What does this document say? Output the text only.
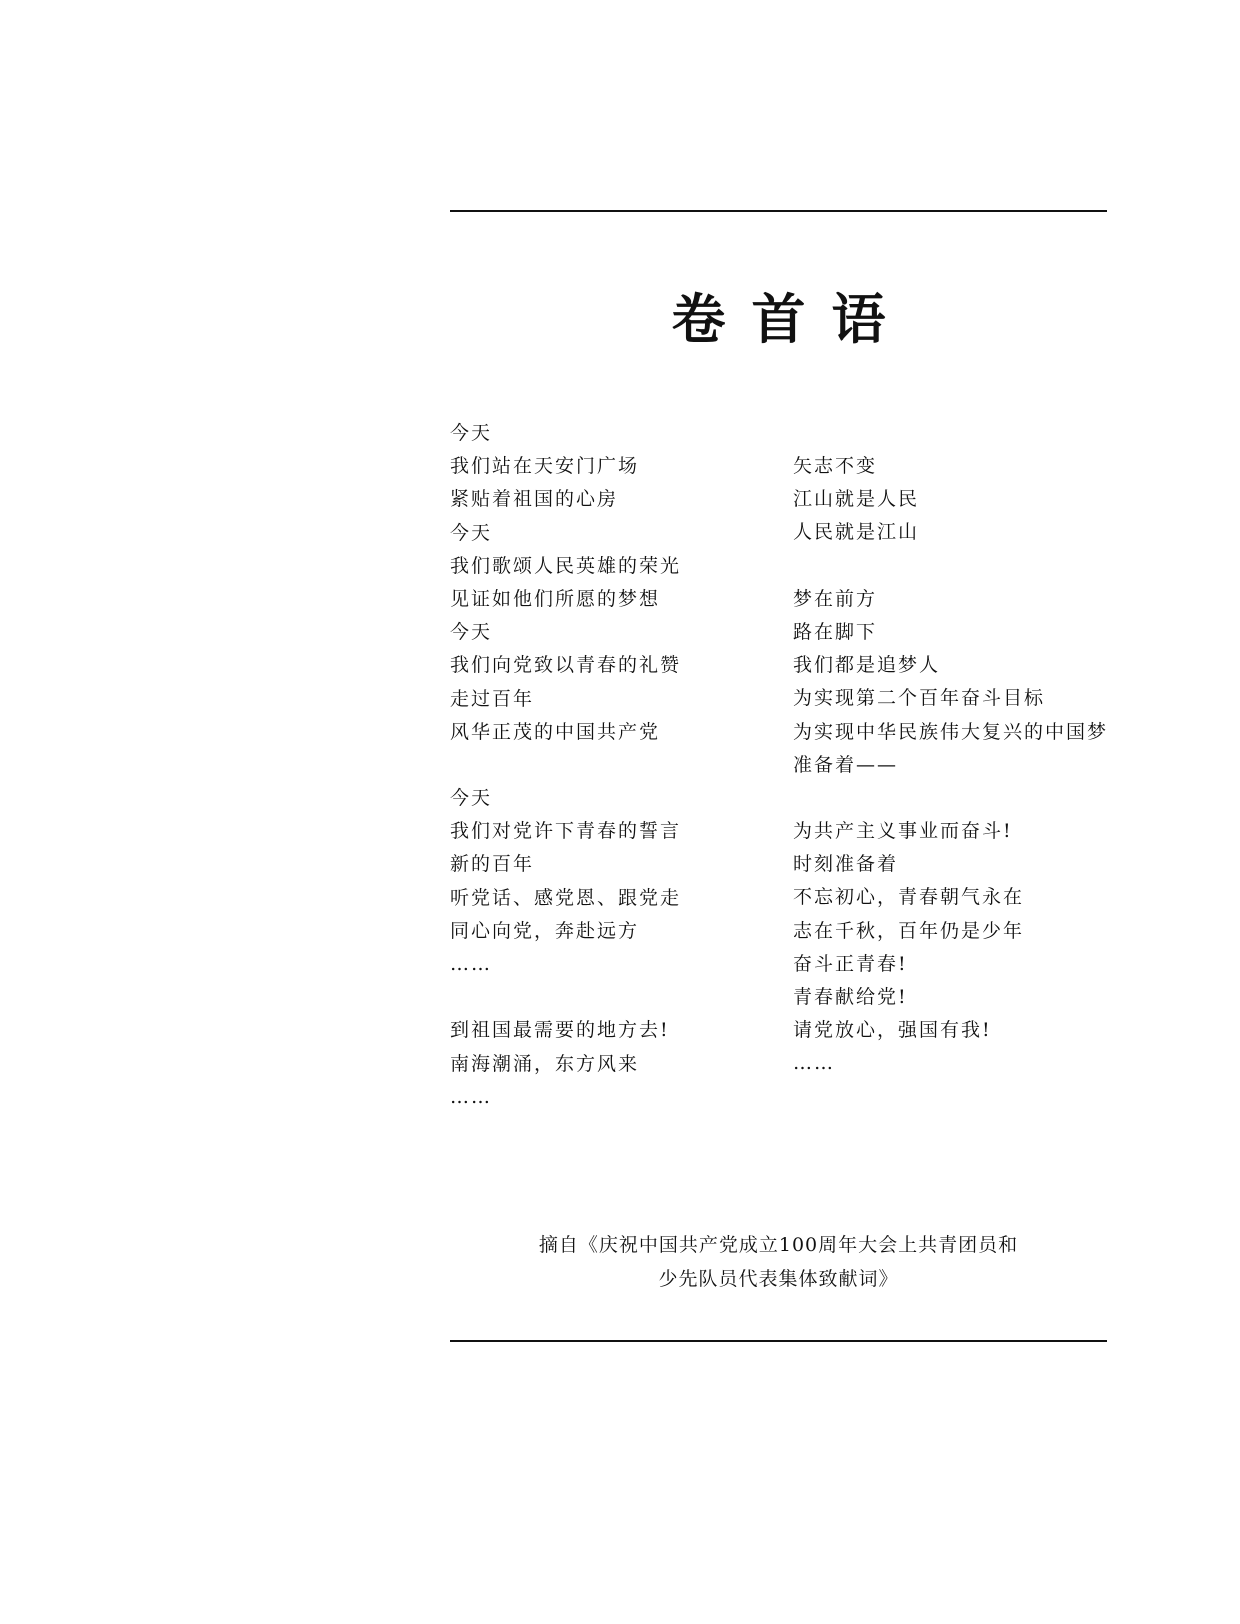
卷首语
今天
我们站在天安门广场
紧贴着祖国的心房
今天
我们歌颂人民英雄的荣光
见证如他们所愿的梦想
今天
我们向党致以青春的礼赞
走过百年
风华正茂的中国共产党
今天
我们对党许下青春的誓言
新的百年
听党话、感党恩、跟党走
同心向党，奔赴远方
……
到祖国最需要的地方去!
南海潮涌，东方风来
……
矢志不变
江山就是人民
人民就是江山
梦在前方
路在脚下
我们都是追梦人
为实现第二个百年奋斗目标
为实现中华民族伟大复兴的中国梦
准备着——
为共产主义事业而奋斗!
时刻准备着
不忘初心，青春朝气永在
志在千秋，百年仍是少年
奋斗正青春!
青春献给党!
请党放心，强国有我!
……
摘自《庆祝中国共产党成立100周年大会上共青团员和
少先队员代表集体致献词》
